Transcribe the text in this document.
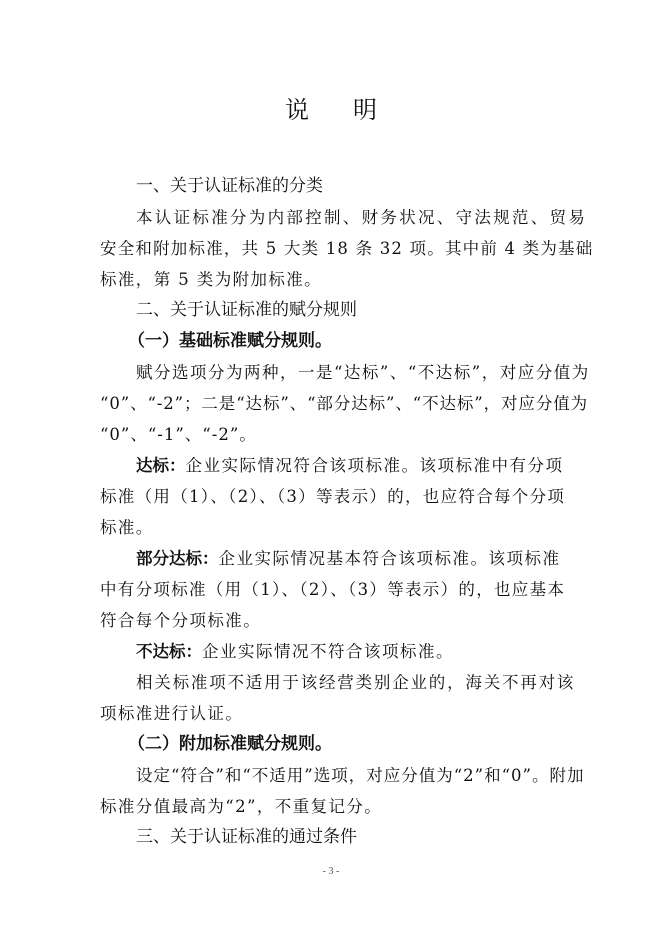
说明
一、关于认证标准的分类
本认证标准分为内部控制、财务状况、守法规范、贸易
安全和附加标准，共 5 大类 18 条 32 项。其中前 4 类为基础
标准，第 5 类为附加标准。
二、关于认证标准的赋分规则
（一）基础标准赋分规则。
赋分选项分为两种，一是“达标”、“不达标”，对应分值为
“0”、“-2”；二是“达标”、“部分达标”、“不达标”，对应分值为
“0”、“-1”、“-2”。
达标：企业实际情况符合该项标准。该项标准中有分项
标准（用（1）、（2）、（3）等表示）的，也应符合每个分项
标准。
部分达标：企业实际情况基本符合该项标准。该项标准
中有分项标准（用（1）、（2）、（3）等表示）的，也应基本
符合每个分项标准。
不达标：企业实际情况不符合该项标准。
相关标准项不适用于该经营类别企业的，海关不再对该
项标准进行认证。
（二）附加标准赋分规则。
设定“符合”和“不适用”选项，对应分值为“2”和“0”。附加
标准分值最高为“2”，不重复记分。
三、关于认证标准的通过条件
- 3 -
